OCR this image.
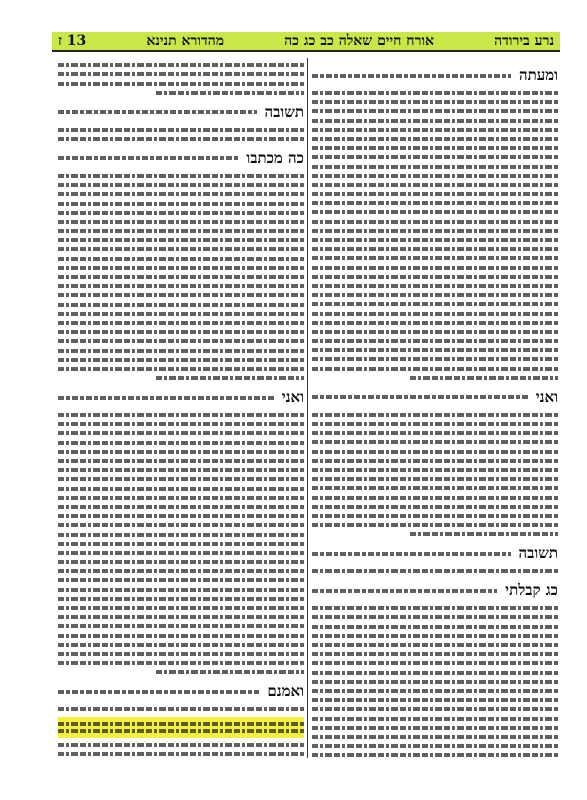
נרע בירודה
אורח חיים שאלה כב כג כה
מהדורא תנינא
13 ז
ומעתה
ואני
תשובה
כג קבלתי
תשובה
כה מכתבו
ואני
ואמנם
